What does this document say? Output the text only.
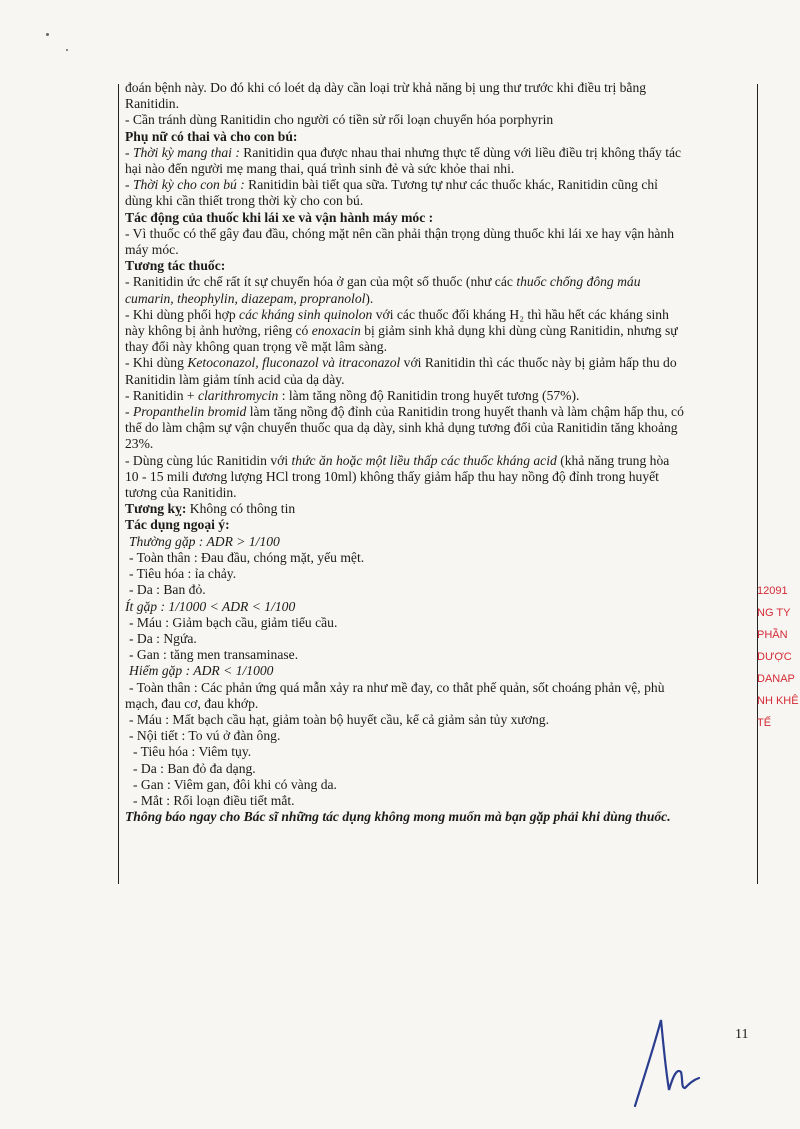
đoán bệnh này. Do đó khi có loét dạ dày cần loại trừ khả năng bị ung thư trước khi điều trị bằng

Ranitidin.

- Cần tránh dùng Ranitidin cho người có tiền sử rối loạn chuyển hóa porphyrin

Phụ nữ có thai và cho con bú:

- Thời kỳ mang thai : Ranitidin qua được nhau thai nhưng thực tế dùng với liều điều trị không thấy tác

hại nào đến người mẹ mang thai, quá trình sinh đẻ và sức khỏe thai nhi.

- Thời kỳ cho con bú : Ranitidin bài tiết qua sữa. Tương tự như các thuốc khác, Ranitidin cũng chỉ

dùng khi cần thiết trong thời kỳ cho con bú.

Tác động của thuốc khi lái xe và vận hành máy móc :

- Vì thuốc có thể gây đau đầu, chóng mặt nên cần phải thận trọng dùng thuốc khi lái xe hay vận hành

máy móc.

Tương tác thuốc:

- Ranitidin ức chế rất ít sự chuyển hóa ở gan của một số thuốc (như các thuốc chống đông máu

cumarin, theophylin, diazepam, propranolol).

- Khi dùng phối hợp các kháng sinh quinolon với các thuốc đối kháng H₂ thì hầu hết các kháng sinh

này không bị ảnh hưởng, riêng có enoxacin bị giảm sinh khả dụng khi dùng cùng Ranitidin, nhưng sự

thay đổi này không quan trọng về mặt lâm sàng.

- Khi dùng Ketoconazol, fluconazol và itraconazol với Ranitidin thì các thuốc này bị giảm hấp thu do

Ranitidin làm giảm tính acid của dạ dày.

- Ranitidin + clarithromycin : làm tăng nồng độ Ranitidin trong huyết tương (57%).

- Propanthelin bromid làm tăng nồng độ đỉnh của Ranitidin trong huyết thanh và làm chậm hấp thu, có

thể do làm chậm sự vận chuyển thuốc qua dạ dày, sinh khả dụng tương đối của Ranitidin tăng khoảng

23%.

- Dùng cùng lúc Ranitidin với thức ăn hoặc một liều thấp các thuốc kháng acid (khả năng trung hòa

10 - 15 mili đương lượng HCl trong 10ml) không thấy giảm hấp thu hay nồng độ đỉnh trong huyết

tương của Ranitidin.

Tương kỵ: Không có thông tin

Tác dụng ngoại ý:

Thường gặp : ADR > 1/100

- Toàn thân : Đau đầu, chóng mặt, yếu mệt.

- Tiêu hóa : ỉa chảy.

- Da : Ban đỏ.

Ít gặp : 1/1000 < ADR < 1/100

- Máu : Giảm bạch cầu, giảm tiểu cầu.

- Da : Ngứa.

- Gan : tăng men transaminase.

Hiếm gặp : ADR < 1/1000

- Toàn thân : Các phản ứng quá mẫn xảy ra như mề đay, co thắt phế quản, sốt choáng phản vệ, phù

mạch, đau cơ, đau khớp.

- Máu : Mất bạch cầu hạt, giảm toàn bộ huyết cầu, kể cả giảm sản tủy xương.

- Nội tiết : To vú ở đàn ông.

- Tiêu hóa : Viêm tụy.

- Da : Ban đỏ đa dạng.

- Gan : Viêm gan, đôi khi có vàng da.

- Mắt : Rối loạn điều tiết mắt.

Thông báo ngay cho Bác sĩ những tác dụng không mong muốn mà bạn gặp phải khi dùng thuốc.

12091
NG TY
PHẦN
DƯỢC
DANAP
NH KHÊ
TẾ
11
